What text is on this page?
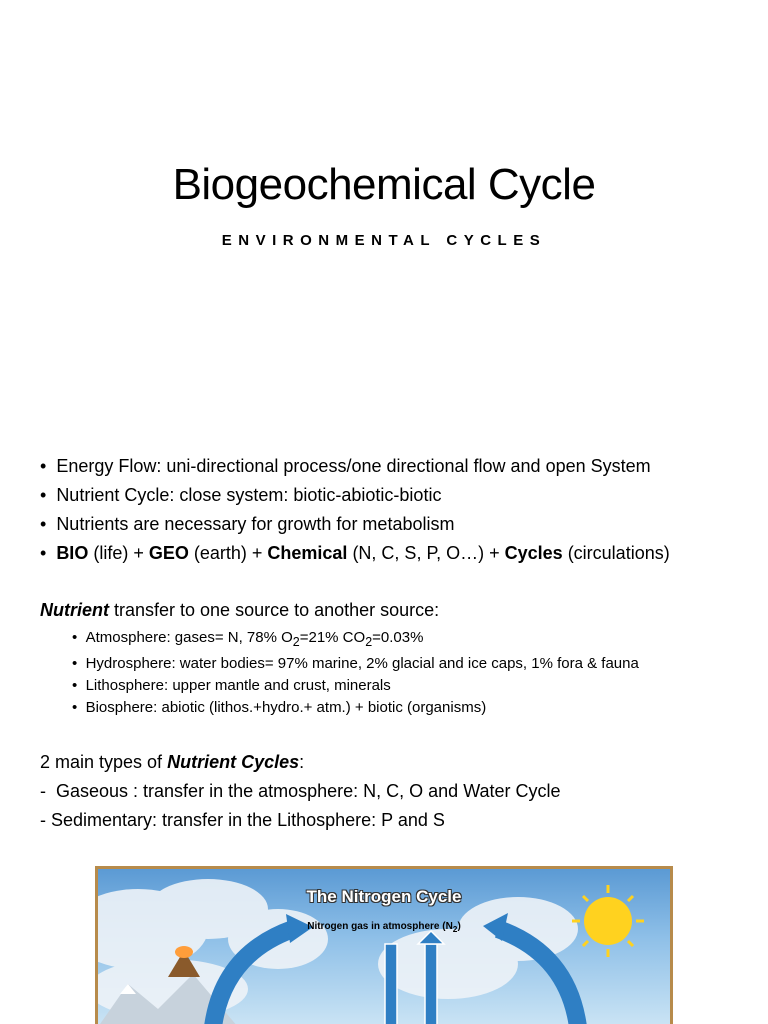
Biogeochemical Cycle
ENVIRONMENTAL CYCLES
•  Energy Flow: uni-directional process/one directional flow and open System
•  Nutrient Cycle: close system: biotic-abiotic-biotic
•  Nutrients are necessary for growth for metabolism
•  BIO (life) + GEO (earth) + Chemical (N, C, S, P, O…) + Cycles (circulations)

Nutrient transfer to one source to another source:

•  Atmosphere: gases= N, 78% $O_2=21\%$ $CO_2=0.03\%$
•  Hydrosphere: water bodies= 97% marine, 2% glacial and ice caps, 1% fora & fauna
•  Lithosphere: upper mantle and crust, minerals
•  Biosphere: abiotic (lithos.+hydro.+ atm.) + biotic (organisms)
2 main types of Nutrient Cycles:
-  Gaseous : transfer in the atmosphere: N, C, O and Water Cycle
- Sedimentary: transfer in the Lithosphere: P and S
The Nitrogen Cycle
Nitrogen gas in atmosphere $(N_2)$
